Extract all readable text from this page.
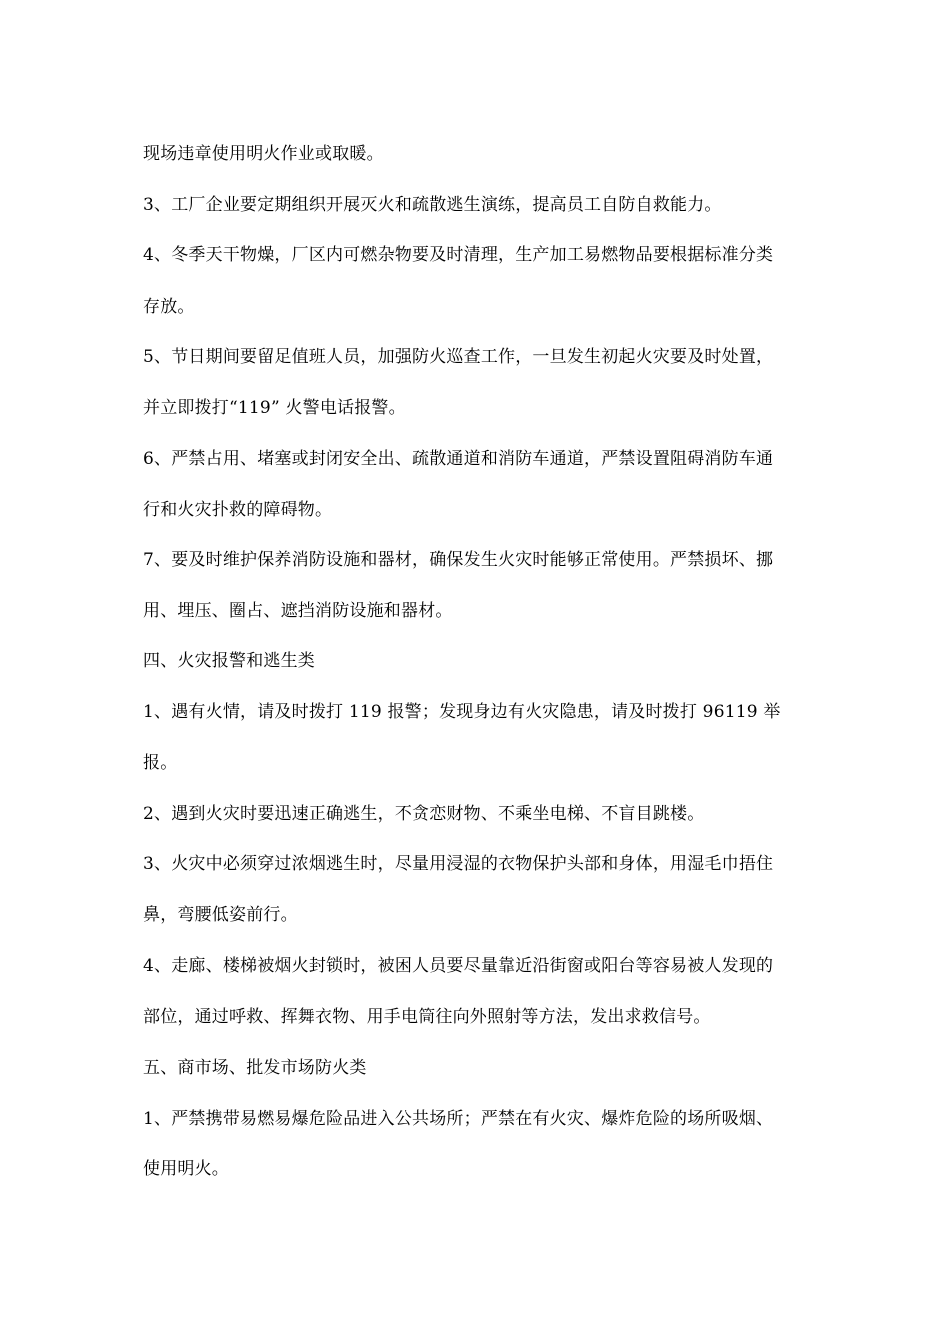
现场违章使用明火作业或取暖。
3、工厂企业要定期组织开展灭火和疏散逃生演练，提高员工自防自救能力。
4、冬季天干物燥，厂区内可燃杂物要及时清理，生产加工易燃物品要根据标准分类
存放。
5、节日期间要留足值班人员，加强防火巡查工作，一旦发生初起火灾要及时处置，
并立即拨打“119” 火警电话报警。
6、严禁占用、堵塞或封闭安全出、疏散通道和消防车通道，严禁设置阻碍消防车通
行和火灾扑救的障碍物。
7、要及时维护保养消防设施和器材，确保发生火灾时能够正常使用。严禁损坏、挪
用、埋压、圈占、遮挡消防设施和器材。
四、火灾报警和逃生类
1、遇有火情，请及时拨打 119 报警；发现身边有火灾隐患，请及时拨打 96119 举
报。
2、遇到火灾时要迅速正确逃生，不贪恋财物、不乘坐电梯、不盲目跳楼。
3、火灾中必须穿过浓烟逃生时，尽量用浸湿的衣物保护头部和身体，用湿毛巾捂住
鼻，弯腰低姿前行。
4、走廊、楼梯被烟火封锁时，被困人员要尽量靠近沿街窗或阳台等容易被人发现的
部位，通过呼救、挥舞衣物、用手电筒往向外照射等方法，发出求救信号。
五、商市场、批发市场防火类
1、严禁携带易燃易爆危险品进入公共场所；严禁在有火灾、爆炸危险的场所吸烟、
使用明火。
